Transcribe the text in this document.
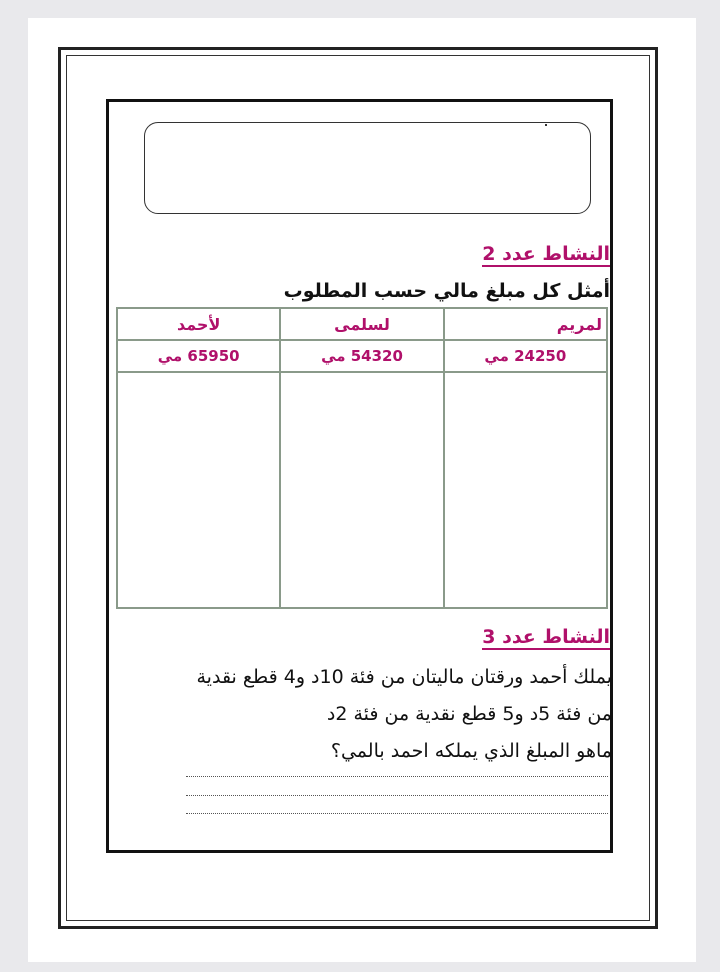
النشاط عدد 2
أمثل كل مبلغ مالي حسب المطلوب
لمريم	لسلمى	لأحمد
24250 مي	54320 مي	65950 مي

النشاط عدد 3
يملك أحمد ورقتان ماليتان من فئة 10د و4 قطع نقدية
من فئة 5د و5 قطع نقدية من فئة 2د
ماهو المبلغ الذي يملكه احمد بالمي؟
